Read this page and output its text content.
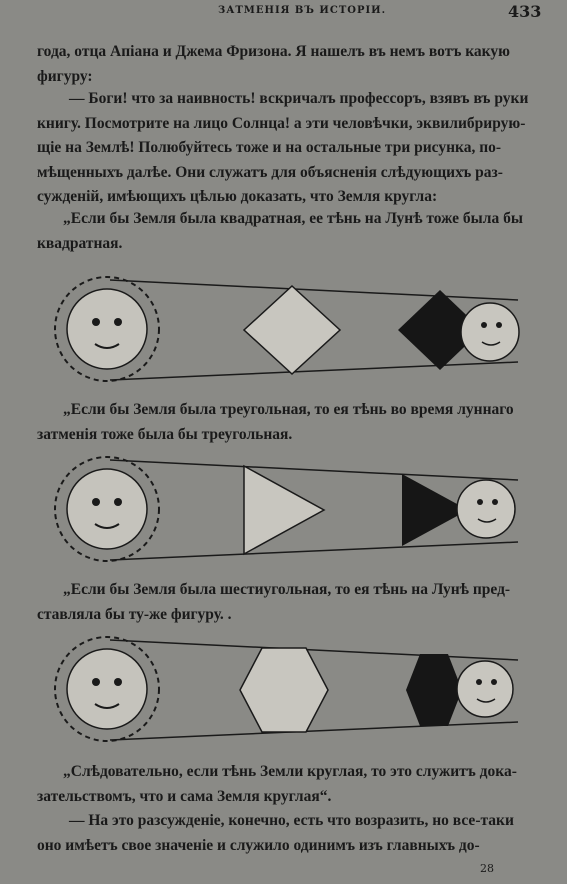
ЗАТМЕНІЯ ВЪ ИСТОРІИ.	433
года, отца Апіана и Джема Фризона. Я нашелъ въ немъ вотъ какую
фигуру:
— Боги! что за наивность! вскричалъ профессоръ, взявъ въ руки
книгу. Посмотрите на лицо Солнца! а эти человѣчки, эквилибрирую-
щіе на Землѣ! Полюбуйтесь тоже и на остальные три рисунка, по-
мѣщенныхъ далѣе. Они служатъ для объясненія слѣдующихъ раз-
сужденій, имѣющихъ цѣлью доказать, что Земля кругла:
„Если бы Земля была квадратная, ее тѣнь на Лунѣ тоже была бы
квадратная.
„Если бы Земля была треугольная, то ея тѣнь во время луннаго
затменія тоже была бы треугольная.
„Если бы Земля была шестиугольная, то ея тѣнь на Лунѣ пред-
ставляла бы ту-же фигуру. .
„Слѣдовательно, если тѣнь Земли круглая, то это служитъ дока-
зательствомъ, что и сама Земля круглая“.
— На это разсужденіе, конечно, есть что возразить, но все-таки
оно имѣетъ свое значеніе и служило одинимъ изъ главныхъ до-
28
